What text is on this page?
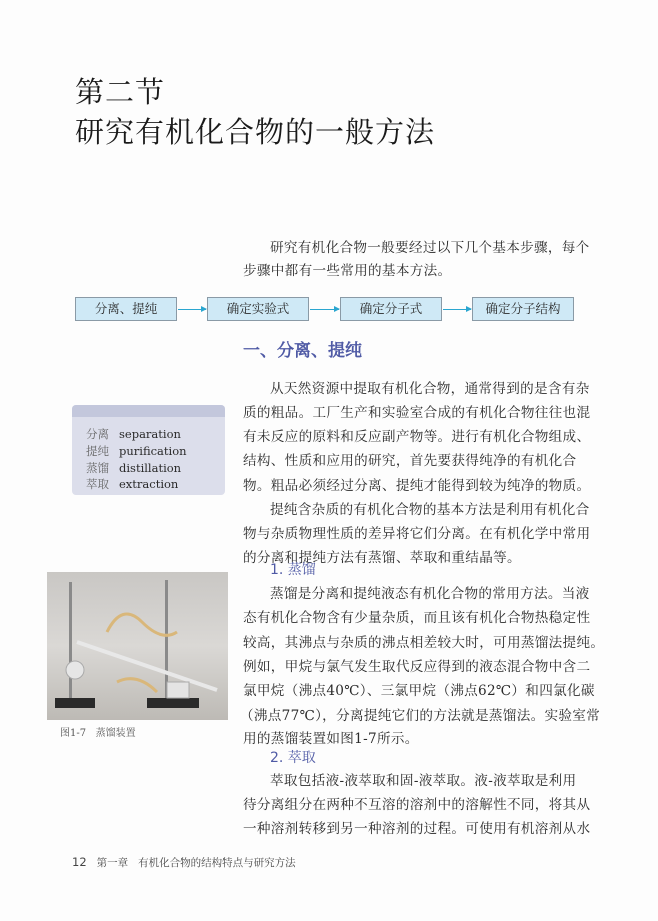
第二节
研究有机化合物的一般方法
研究有机化合物一般要经过以下几个基本步骤，每个
步骤中都有一些常用的基本方法。
分离、提纯	确定实验式	确定分子式	确定分子结构
一、分离、提纯
从天然资源中提取有机化合物，通常得到的是含有杂
质的粗品。工厂生产和实验室合成的有机化合物往往也混
有未反应的原料和反应副产物等。进行有机化合物组成、
结构、性质和应用的研究，首先要获得纯净的有机化合
物。粗品必须经过分离、提纯才能得到较为纯净的物质。
提纯含杂质的有机化合物的基本方法是利用有机化合
物与杂质物理性质的差异将它们分离。在有机化学中常用
的分离和提纯方法有蒸馏、萃取和重结晶等。
分离 separation
提纯 purification
蒸馏 distillation
萃取 extraction
1. 蒸馏
蒸馏是分离和提纯液态有机化合物的常用方法。当液
态有机化合物含有少量杂质，而且该有机化合物热稳定性
较高，其沸点与杂质的沸点相差较大时，可用蒸馏法提纯。
例如，甲烷与氯气发生取代反应得到的液态混合物中含二
氯甲烷（沸点40℃）、三氯甲烷（沸点62℃）和四氯化碳
（沸点77℃），分离提纯它们的方法就是蒸馏法。实验室常
用的蒸馏装置如图1-7所示。
图1-7 蒸馏装置
2. 萃取
萃取包括液-液萃取和固-液萃取。液-液萃取是利用
待分离组分在两种不互溶的溶剂中的溶解性不同，将其从
一种溶剂转移到另一种溶剂的过程。可使用有机溶剂从水
12 第一章 有机化合物的结构特点与研究方法
